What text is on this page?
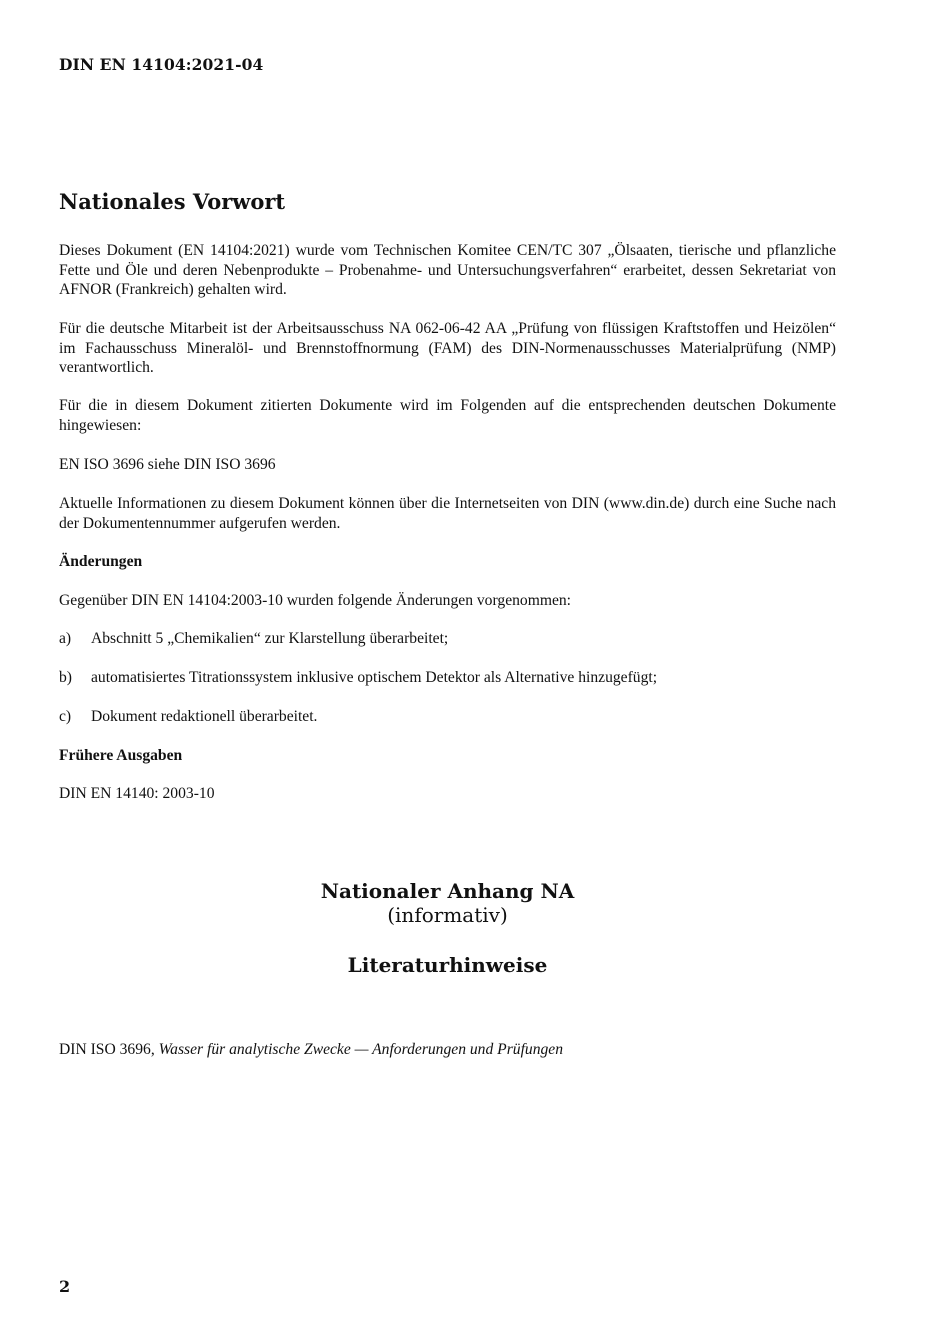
DIN EN 14104:2021-04
Nationales Vorwort
Dieses Dokument (EN 14104:2021) wurde vom Technischen Komitee CEN/TC 307 „Ölsaaten, tierische und pflanzliche Fette und Öle und deren Nebenprodukte – Probenahme- und Untersuchungsverfahren“ erarbeitet, dessen Sekretariat von AFNOR (Frankreich) gehalten wird.
Für die deutsche Mitarbeit ist der Arbeitsausschuss NA 062-06-42 AA „Prüfung von flüssigen Kraftstoffen und Heizölen“ im Fachausschuss Mineralöl- und Brennstoffnormung (FAM) des DIN-Normenausschusses Materialprüfung (NMP) verantwortlich.
Für die in diesem Dokument zitierten Dokumente wird im Folgenden auf die entsprechenden deutschen Dokumente hingewiesen:
EN ISO 3696 siehe DIN ISO 3696
Aktuelle Informationen zu diesem Dokument können über die Internetseiten von DIN (www.din.de) durch eine Suche nach der Dokumentennummer aufgerufen werden.
Änderungen
Gegenüber DIN EN 14104:2003-10 wurden folgende Änderungen vorgenommen:
a) Abschnitt 5 „Chemikalien“ zur Klarstellung überarbeitet;
b) automatisiertes Titrationssystem inklusive optischem Detektor als Alternative hinzugefügt;
c) Dokument redaktionell überarbeitet.
Frühere Ausgaben
DIN EN 14140: 2003-10
Nationaler Anhang NA
(informativ)
Literaturhinweise
DIN ISO 3696, Wasser für analytische Zwecke — Anforderungen und Prüfungen
2
